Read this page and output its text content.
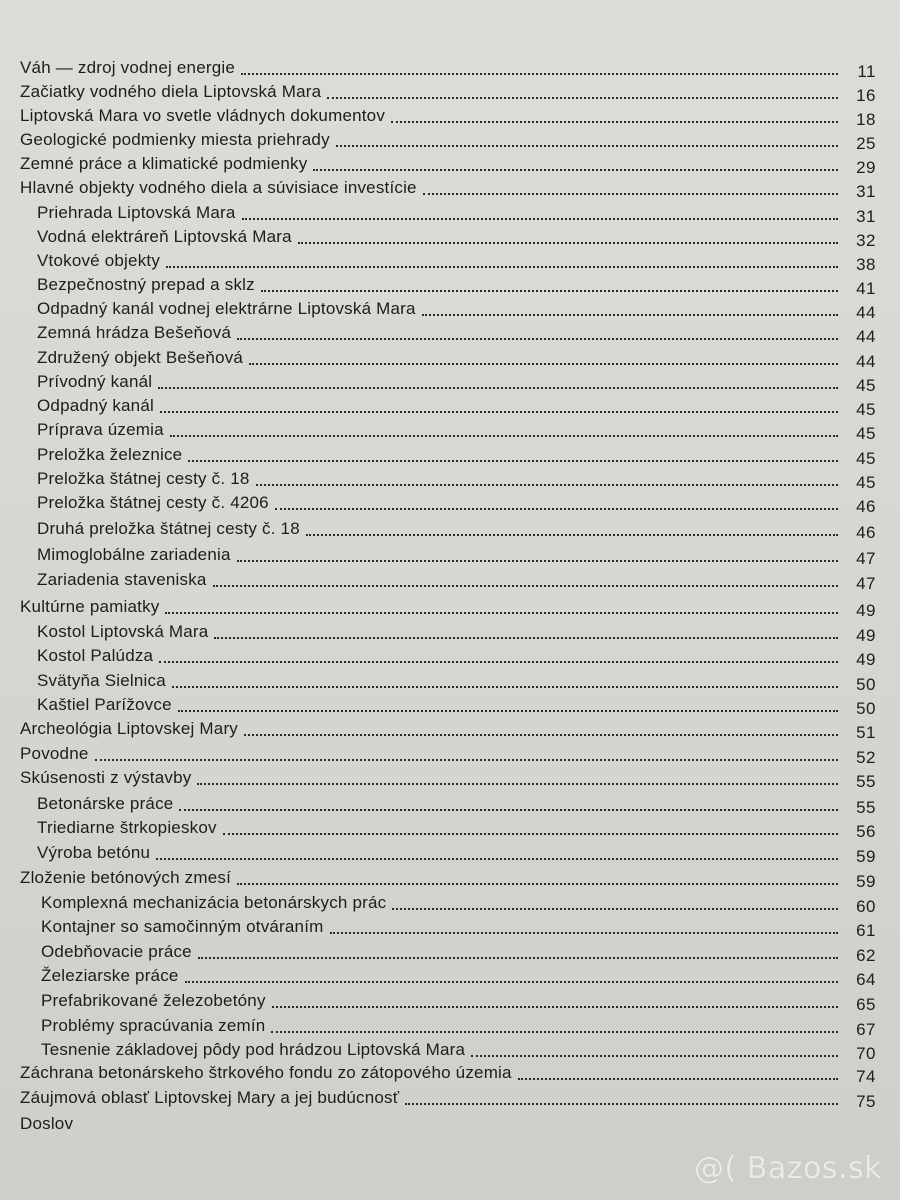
Váh — zdroj vodnej energie	11
Začiatky vodného diela Liptovská Mara	16
Liptovská Mara vo svetle vládnych dokumentov	18
Geologické podmienky miesta priehrady	25
Zemné práce a klimatické podmienky	29
Hlavné objekty vodného diela a súvisiace investície	31
Priehrada Liptovská Mara	31
Vodná elektráreň Liptovská Mara	32
Vtokové objekty	38
Bezpečnostný prepad a sklz	41
Odpadný kanál vodnej elektrárne Liptovská Mara	44
Zemná hrádza Bešeňová	44
Združený objekt Bešeňová	44
Prívodný kanál	45
Odpadný kanál	45
Príprava územia	45
Preložka železnice	45
Preložka štátnej cesty č. 18	45
Preložka štátnej cesty č. 4206	46
Druhá preložka štátnej cesty č. 18	46
Mimoglobálne zariadenia	47
Zariadenia staveniska	47
Kultúrne pamiatky	49
Kostol Liptovská Mara	49
Kostol Palúdza	49
Svätyňa Sielnica	50
Kaštiel Parížovce	50
Archeológia Liptovskej Mary	51
Povodne	52
Skúsenosti z výstavby	55
Betonárske práce	55
Triediarne štrkopieskov	56
Výroba betónu	59
Zloženie betónových zmesí	59
Komplexná mechanizácia betonárskych prác	60
Kontajner so samočinným otváraním	61
Odebňovacie práce	62
Železiarske práce	64
Prefabrikované železobetóny	65
Problémy spracúvania zemín	67
Tesnenie základovej pôdy pod hrádzou Liptovská Mara	70
Záchrana betonárskeho štrkového fondu zo zátopového územia	74
Záujmová oblasť Liptovskej Mary a jej budúcnosť	75
Doslov
@( Bazos.sk
